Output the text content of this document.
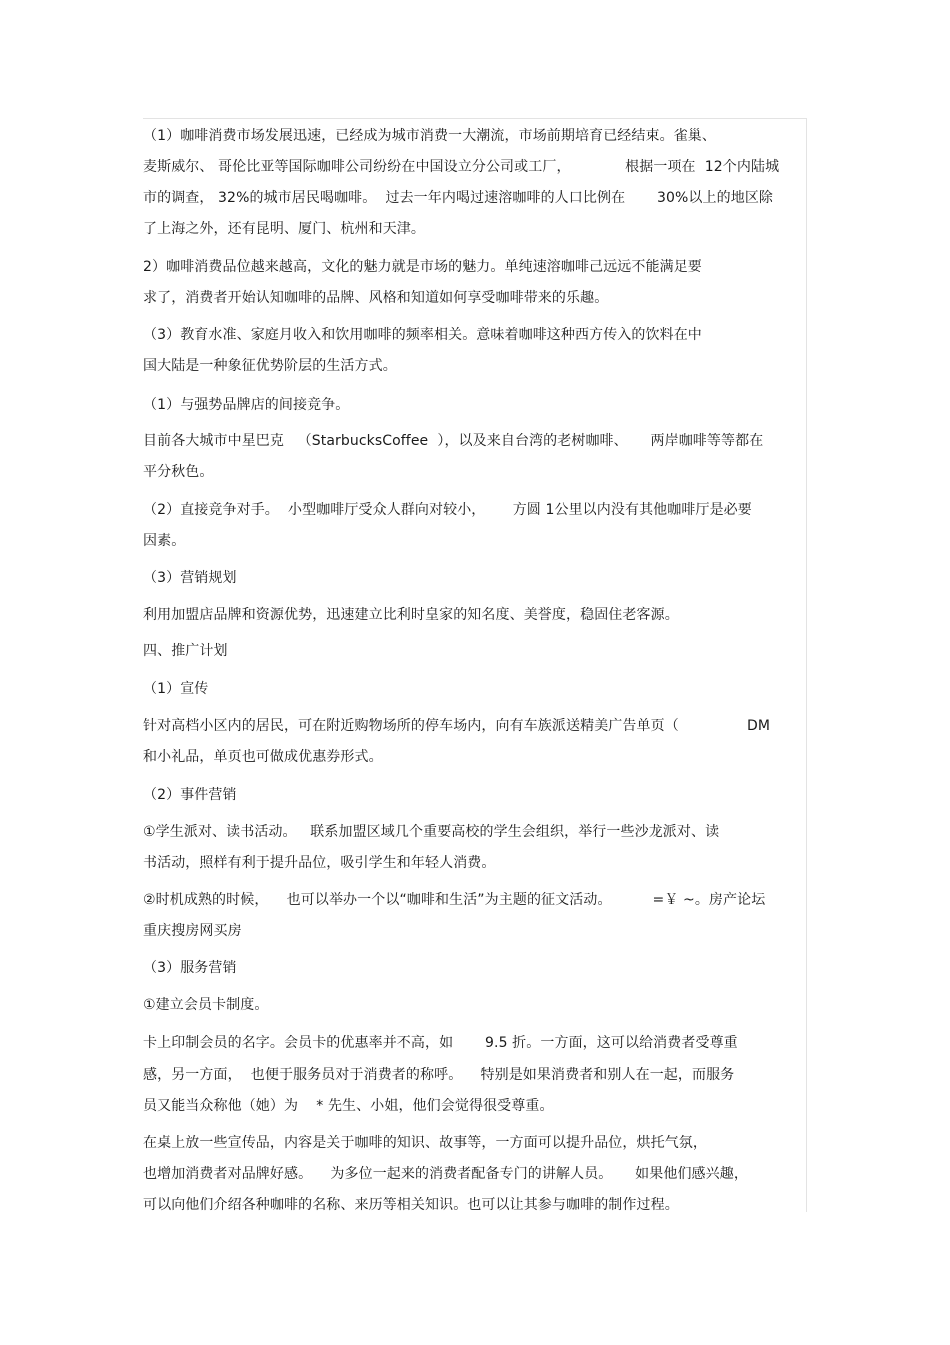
（1）咖啡消费市场发展迅速，已经成为城市消费一大潮流，市场前期培育已经结束。雀巢、
麦斯威尔、 哥伦比亚等国际咖啡公司纷纷在中国设立分公司或工厂，            根据一项在  12个内陆城
市的调查， 32%的城市居民喝咖啡。  过去一年内喝过速溶咖啡的人口比例在       30%以上的地区除
了上海之外，还有昆明、厦门、杭州和天津。
2）咖啡消费品位越来越高，文化的魅力就是市场的魅力。单纯速溶咖啡己远远不能满足要
求了，消费者开始认知咖啡的品牌、风格和知道如何享受咖啡带来的乐趣。
（3）教育水准、家庭月收入和饮用咖啡的频率相关。意味着咖啡这种西方传入的饮料在中
国大陆是一种象征优势阶层的生活方式。
（1）与强势品牌店的间接竞争。
目前各大城市中星巴克   （StarbucksCoffee  ），以及来自台湾的老树咖啡、     两岸咖啡等等都在
平分秋色。
（2）直接竞争对手。  小型咖啡厅受众人群向对较小，      方圆 1公里以内没有其他咖啡厅是必要
因素。
（3）营销规划
利用加盟店品牌和资源优势，迅速建立比利时皇家的知名度、美誉度，稳固住老客源。
四、推广计划
（1）宣传
针对高档小区内的居民，可在附近购物场所的停车场内，向有车族派送精美广告单页（               DM
和小礼品，单页也可做成优惠券形式。
（2）事件营销
①学生派对、读书活动。   联系加盟区域几个重要高校的学生会组织，举行一些沙龙派对、读
书活动，照样有利于提升品位，吸引学生和年轻人消费。
②时机成熟的时候，    也可以举办一个以“咖啡和生活”为主题的征文活动。         =￥ ~。房产论坛
重庆搜房网买房
（3）服务营销
①建立会员卡制度。
卡上印制会员的名字。会员卡的优惠率并不高，如       9.5 折。一方面，这可以给消费者受尊重
感，另一方面，  也便于服务员对于消费者的称呼。    特别是如果消费者和别人在一起，而服务
员又能当众称他（她）为    * 先生、小姐，他们会觉得很受尊重。
在桌上放一些宣传品，内容是关于咖啡的知识、故事等，一方面可以提升品位，烘托气氛，
也增加消费者对品牌好感。    为多位一起来的消费者配备专门的讲解人员。     如果他们感兴趣，
可以向他们介绍各种咖啡的名称、来历等相关知识。也可以让其参与咖啡的制作过程。
